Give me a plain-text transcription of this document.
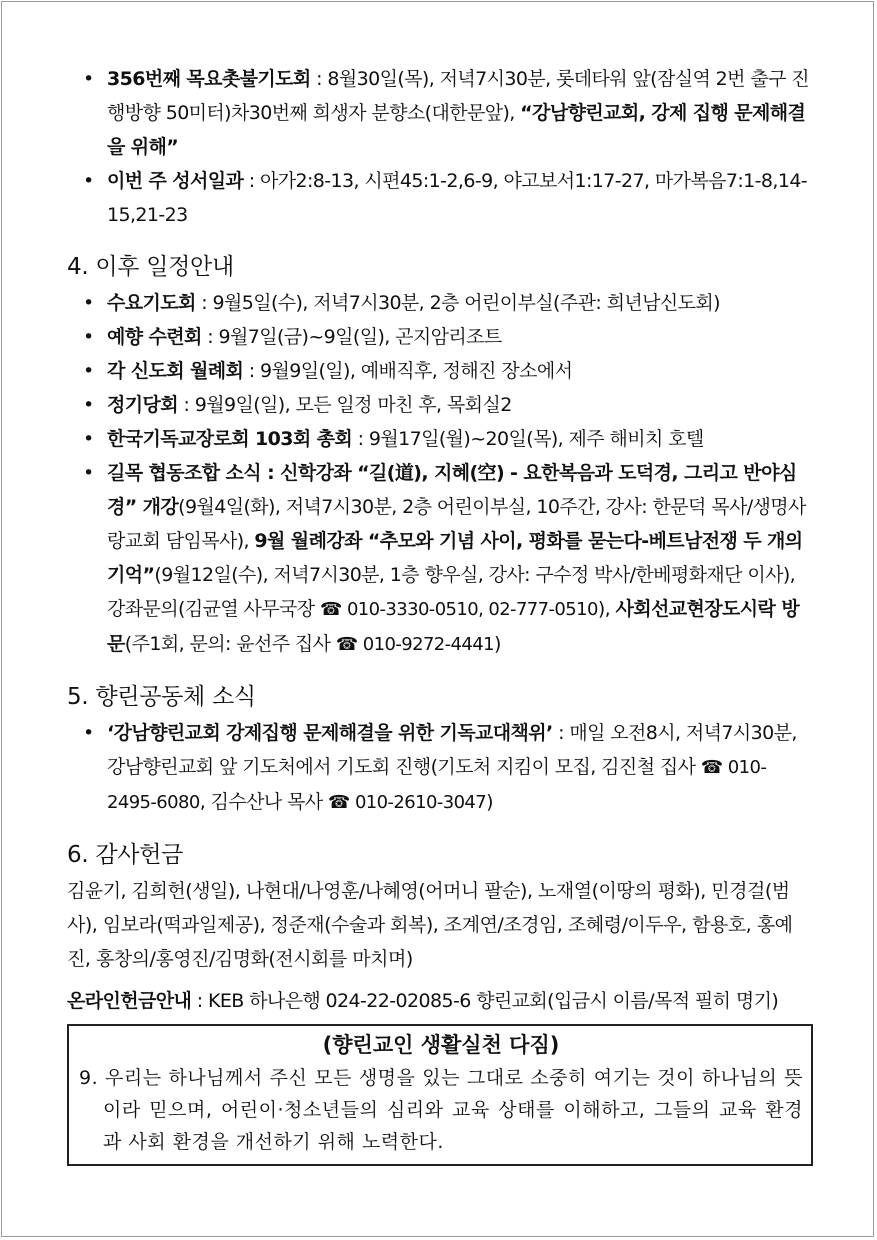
• 356번째 목요촛불기도회 : 8월30일(목), 저녁7시30분, 롯데타워 앞(잠실역 2번 출구 진행방향 50미터)차30번째 희생자 분향소(대한문앞), “강남향린교회, 강제 집행 문제해결을 위해”
• 이번 주 성서일과 : 아가2:8-13, 시편45:1-2,6-9, 야고보서1:17-27, 마가복음7:1-8,14-15,21-23
4. 이후 일정안내
• 수요기도회 : 9월5일(수), 저녁7시30분, 2층 어린이부실(주관: 희년남신도회)
• 예향 수련회 : 9월7일(금)~9일(일), 곤지암리조트
• 각 신도회 월례회 : 9월9일(일), 예배직후, 정해진 장소에서
• 정기당회 : 9월9일(일), 모든 일정 마친 후, 목회실2
• 한국기독교장로회 103회 총회 : 9월17일(월)~20일(목), 제주 해비치 호텔
• 길목 협동조합 소식 : 신학강좌 “길(道), 지혜(空) - 요한복음과 도덕경, 그리고 반야심경” 개강(9월4일(화), 저녁7시30분, 2층 어린이부실, 10주간, 강사: 한문덕 목사/생명사랑교회 담임목사), 9월 월례강좌 “추모와 기념 사이, 평화를 묻는다-베트남전쟁 두 개의 기억”(9월12일(수), 저녁7시30분, 1층 향우실, 강사: 구수정 박사/한베평화재단 이사), 강좌문의(김균열 사무국장 ☎ 010-3330-0510, 02-777-0510), 사회선교현장도시락 방문(주1회, 문의: 윤선주 집사 ☎ 010-9272-4441)
5. 향린공동체 소식
• ‘강남향린교회 강제집행 문제해결을 위한 기독교대책위’ : 매일 오전8시, 저녁7시30분, 강남향린교회 앞 기도처에서 기도회 진행(기도처 지킴이 모집, 김진철 집사 ☎ 010-2495-6080, 김수산나 목사 ☎ 010-2610-3047)
6. 감사헌금
김윤기, 김희헌(생일), 나현대/나영훈/나혜영(어머니 팔순), 노재열(이땅의 평화), 민경걸(범사), 임보라(떡과일제공), 정준재(수술과 회복), 조계연/조경임, 조혜령/이두우, 함용호, 홍예진, 홍창의/홍영진/김명화(전시회를 마치며)
온라인헌금안내 : KEB 하나은행 024-22-02085-6 향린교회(입금시 이름/목적 필히 명기)
(향린교인 생활실천 다짐)
9. 우리는 하나님께서 주신 모든 생명을 있는 그대로 소중히 여기는 것이 하나님의 뜻이라 믿으며, 어린이·청소년들의 심리와 교육 상태를 이해하고, 그들의 교육 환경과 사회 환경을 개선하기 위해 노력한다.
